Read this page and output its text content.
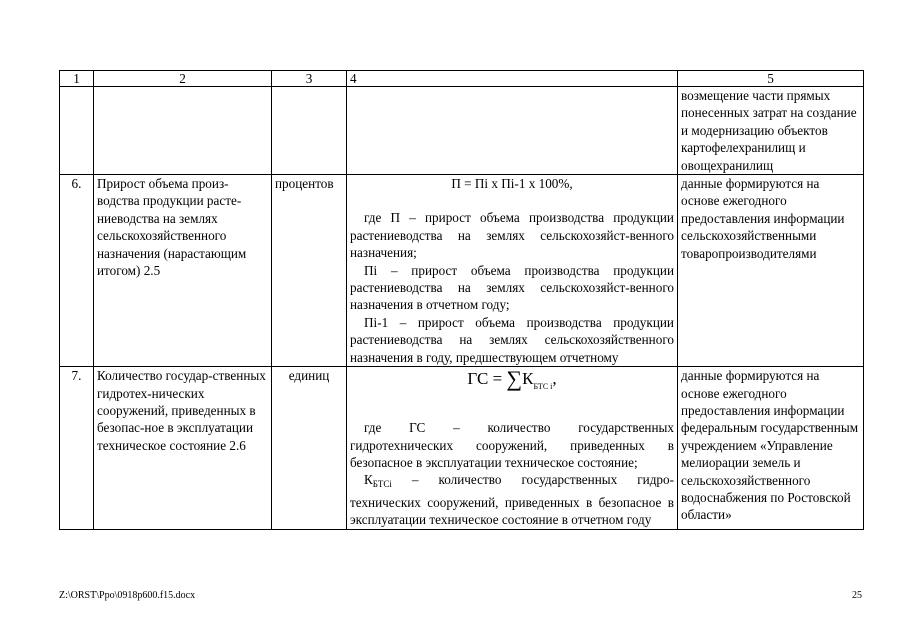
1	2	3	4	5
				возмещение части прямых понесенных затрат на создание и модернизацию объектов картофелехранилищ и овощехранилищ
6.	Прирост объема произ-водства продукции расте-ниеводства на землях сельскохозяйственного назначения (нарастающим итогом) 2.5	процентов	П = Пi х Пi-1 х 100%,
где П – прирост объема производства продукции растениеводства на землях сельскохозяйст-венного назначения;
Пi – прирост объема производства продукции растениеводства на землях сельскохозяйст-венного назначения в отчетном году;
Пi-1 – прирост объема производства продукции растениеводства на землях сельскохозяйственного назначения в году, предшествующем отчетному	данные формируются на основе ежегодного предоставления информации сельскохозяйственными товаропроизводителями
7.	Количество государ-ственных гидротех-нических сооружений, приведенных в безопас-ное в эксплуатации техническое состояние 2.6	единиц	ГС = $\sum К_{БТС i}$,
где ГС – количество государственных гидротехнических сооружений, приведенных в безопасное в эксплуатации техническое состояние;
$К_{БТСi}$ – количество государственных гидро-технических сооружений, приведенных в безопасное в эксплуатации техническое состояние в отчетном году	данные формируются на основе ежегодного предоставления информации федеральным государственным учреждением «Управление мелиорации земель и сельскохозяйственного водоснабжения по Ростовской области»
Z:\ORST\Ppo\0918p600.f15.docx	25
